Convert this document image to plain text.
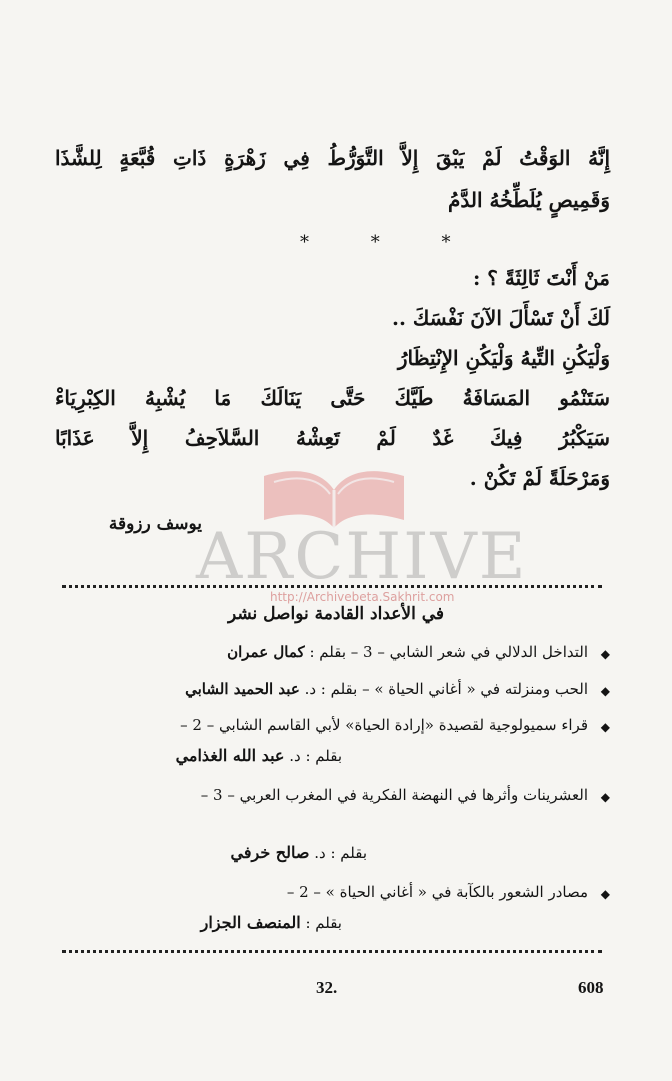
إِنَّهُ الوَقْتُ لَمْ يَبْقَ إِلاَّ التَّوَرُّطُ فِي زَهْرَةٍ ذَاتِ قُبَّعَةٍ لِلشَّذَا
وَقَمِيصٍ يُلَطِّخُهُ الدَّمُ
* * *
مَنْ أَنْتَ ثَالِثَةً ؟ :
لَكَ أَنْ تَسْأَلَ الآنَ نَفْسَكَ ..
وَلْيَكُنِ التِّيهُ وَلْيَكُنِ الإِنْتِظَارُ
سَتَنْمُو المَسَافَةُ طَيَّكَ حَتَّى يَنَالَكَ مَا يُشْبِهُ الكِبْرِيَاءْ
سَيَكْبُرُ فِيكَ غَدٌ لَمْ تَعِشْهُ السَّلاَحِفُ إِلاَّ عَذَابًا
وَمَرْحَلَةً لَمْ تَكُنْ .
يوسف رزوقة
ARCHIVE
http://Archivebeta.Sakhrit.com
في الأعداد القادمة نواصل نشر
◆
التداخل الدلالي في شعر الشابي – 3 – بقلم : كمال عمران
◆
الحب ومنزلته في « أغاني الحياة » – بقلم : د. عبد الحميد الشابي
◆
قراء سميولوجية لقصيدة «إرادة الحياة» لأبي القاسم الشابي – 2 –
بقلم : د. عبد الله الغذامي
◆
العشرينات وأثرها في النهضة الفكرية في المغرب العربي – 3 –
بقلم : د. صالح خرفي
◆
مصادر الشعور بالكآبة في « أغاني الحياة » – 2 –
بقلم : المنصف الجزار
608
32.
